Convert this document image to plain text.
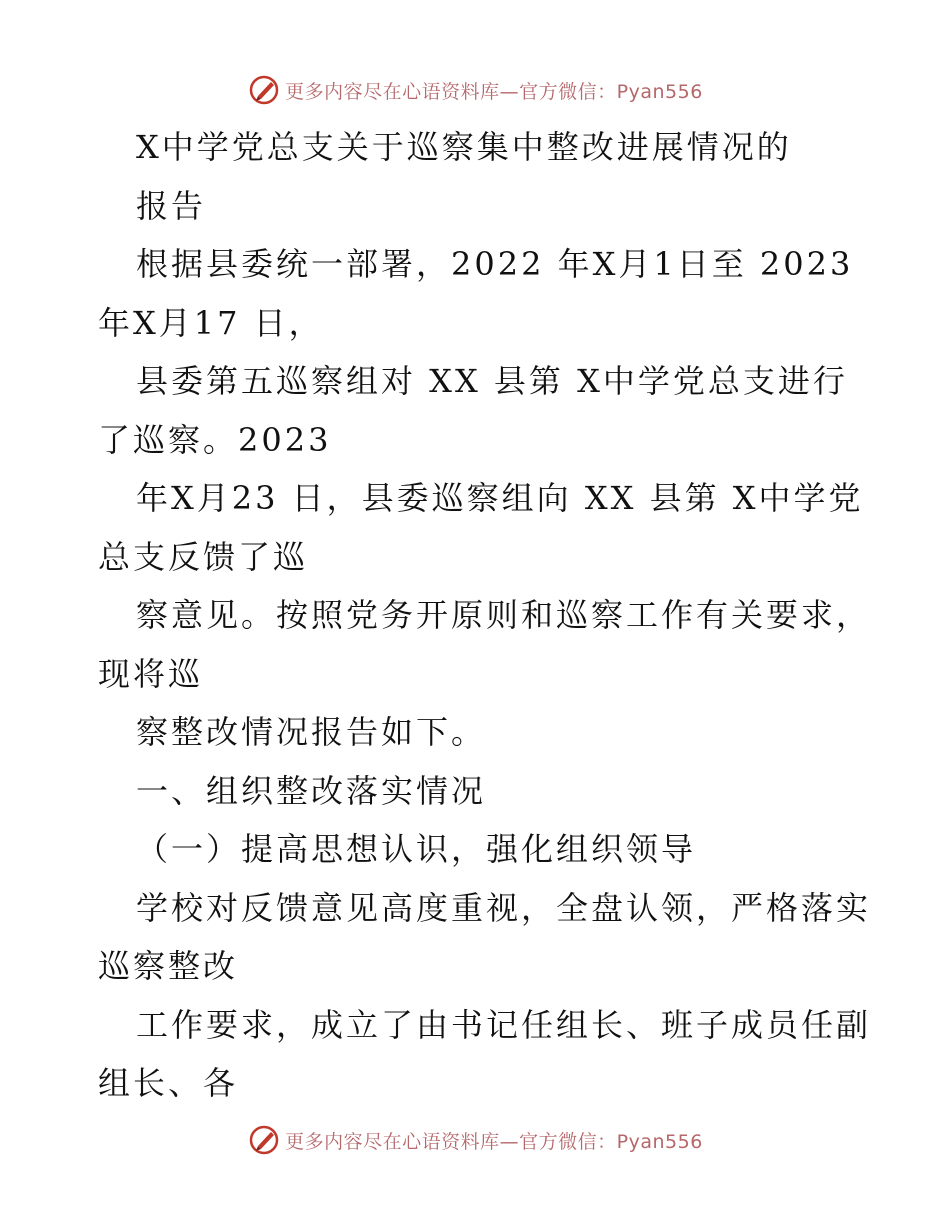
更多内容尽在心语资料库—官方微信：Pyan556
X中学党总支关于巡察集中整改进展情况的
报告
根据县委统一部署，2022 年X月1日至 2023
年X月17 日，
县委第五巡察组对 XX 县第 X中学党总支进行
了巡察。2023
年X月23 日，县委巡察组向 XX 县第 X中学党
总支反馈了巡
察意见。按照党务开原则和巡察工作有关要求，
现将巡
察整改情况报告如下。
一、组织整改落实情况
（一）提高思想认识，强化组织领导
学校对反馈意见高度重视，全盘认领，严格落实
巡察整改
工作要求，成立了由书记任组长、班子成员任副
组长、各
更多内容尽在心语资料库—官方微信：Pyan556
